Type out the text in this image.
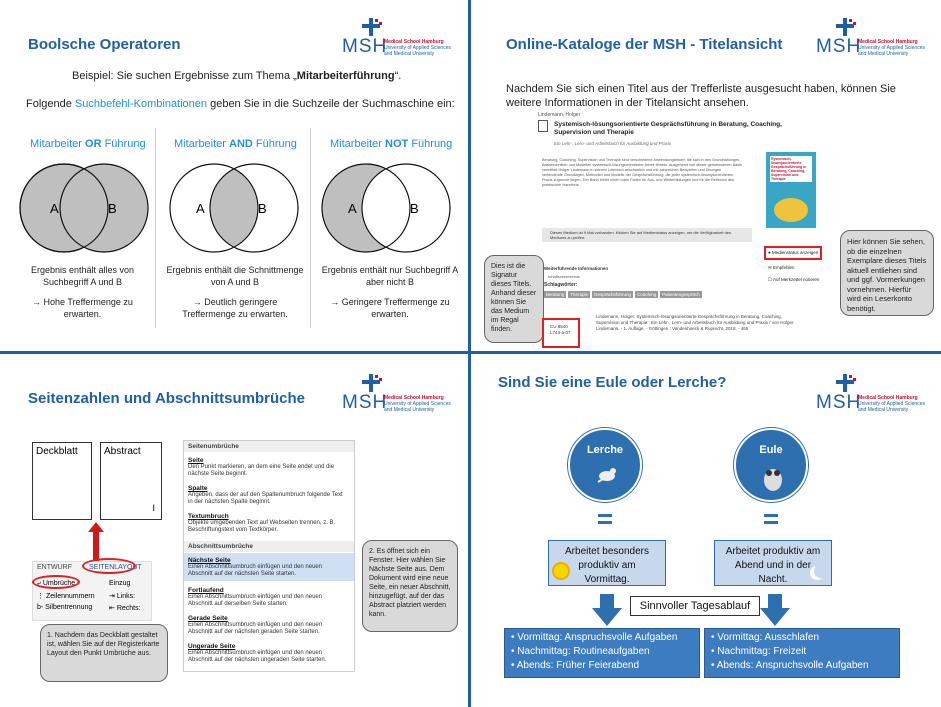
Boolsche Operatoren	MSH
Medical School Hamburg
University of Applied Sciences
and Medical University
Beispiel: Sie suchen Ergebnisse zum Thema „Mitarbeiterführung“.
Folgende Suchbefehl-Kombinationen geben Sie in die Suchzeile der Suchmaschine ein:
Mitarbeiter OR Führung
A	B
Ergebnis enthält alles von
Suchbegriff A und B
→ Hohe Treffermenge zu
erwarten.
Mitarbeiter AND Führung
A	B
Ergebnis enthält die Schnittmenge
von A und B
→ Deutlich geringere
Treffermenge zu erwarten.
Mitarbeiter NOT Führung
A	B
Ergebnis enthält nur Suchbegriff A
aber nicht B
→ Geringere Treffermenge zu
erwarten.
Online-Kataloge der MSH - Titelansicht MSH
Medical School Hamburg
University of Applied Sciences
and Medical University
Nachdem Sie sich einen Titel aus der Trefferliste ausgesucht haben, können Sie
weitere Informationen in der Titelansicht ansehen.
Lindemann, Holger
Systemisch-lösungsorientierte Gesprächsführung in Beratung, Coaching, Supervision und Therapie
Ein Lehr-, Lern- und Arbeitsbuch für Ausbildung und Praxis
Beratung, Coaching, Supervision und Therapie sind verschiedene Anwendungsfelder, die sich in den Grundhaltungen, Basistechniken und Modellen systemisch-lösungsorientierter Arbeit ähneln. Ausgehend von dieser gemeinsamen Basis vermittelt Holger Lindemann in seinem Lehrbuch anschaulich und mit zahlreichen Beispielen und Übungen verbindende Grundlagen, Methoden und Modelle der Gesprächsführung, die jeder systemisch-lösungsorientierten Praxis zugrunde liegen. Der Band bietet einen roten Faden für Aus- und Weiterbildungen und für die Reflexion des praktischen Handelns.
Dieses Medium ist 9 Mal vorhanden. Klicken Sie auf Medienstatus anzeigen, um die Verfügbarkeit des Mediums zu prüfen.
Weiterführende Informationen
Inhaltsverzeichnis
Schlagwörter:
Beratung	Therapie	Gesprächsführung	Coaching	Patientengespräch
CU 8540 L743-a-07
Lindemann, Holger: Systemisch-lösungsorientierte Gesprächsführung in Beratung, Coaching, Supervision und Therapie : Ein Lehr-, Lern- und Arbeitsbuch für Ausbildung und Praxis / von Holger Lindemann. - 1. Auflage. - Göttingen : Vandenhoeck & Ruprecht, 2018. - 465
Systemisch-lösungsorientierte Gesprächsführung in Beratung, Coaching, Supervision und Therapie
● Medienstatus anzeigen
✉ Empfehlen
☐ Auf Merkzettel notieren
Dies ist die Signatur dieses Titels. Anhand dieser können Sie das Medium im Regal finden.
Hier können Sie sehen, ob die einzelnen Exemplare dieses Titels aktuell entliehen sind und ggf. Vormerkungen vornehmen. Hierfür wird ein Leserkonto benötigt.
Seitenzahlen und Abschnittsumbrüche MSH
Medical School Hamburg
University of Applied Sciences
and Medical University
Deckblatt	Abstract
I
ENTWURF SEITENLAYOUT
⤶ Umbrüche ▾
⋮ Zeilennummern
b- Silbentrennung
Einzug
⇥ Links:
⇤ Rechts:
1. Nachdem das Deckblatt gestaltet ist, wählen Sie auf der Registerkarte Layout den Punkt Umbrüche aus.
Seitenumbrüche
Seite
Den Punkt markieren, an dem eine Seite endet und die nächste Seite beginnt.
Spalte
Angeben, dass der auf den Spaltenumbruch folgende Text in der nächsten Spalte beginnt.
Textumbruch
Objekte umgebenden Text auf Webseiten trennen, z. B. Beschriftungstext vom Textkörper.
Abschnittsumbrüche
Nächste Seite
Einen Abschnittsumbruch einfügen und den neuen Abschnitt auf der nächsten Seite starten.
Fortlaufend
Einen Abschnittsumbruch einfügen und den neuen Abschnitt auf derselben Seite starten.
Gerade Seite
Einen Abschnittsumbruch einfügen und den neuen Abschnitt auf der nächsten geraden Seite starten.
Ungerade Seite
Einen Abschnittsumbruch einfügen und den neuen Abschnitt auf der nächsten ungeraden Seite starten.
2. Es öffnet sich ein Fenster. Hier wählen Sie Nächste Seite aus. Dem Dokument wird eine neue Seite, ein neuer Abschnitt, hinzugefügt, auf der das Abstract platziert werden kann.
Sind Sie eine Eule oder Lerche?
MSH
Medical School Hamburg
University of Applied Sciences
and Medical University
Lerche	Eule
Arbeitet besonders produktiv am Vormittag.
Arbeitet produktiv am Abend und in der Nacht.
Sinnvoller Tagesablauf
• Vormittag: Anspruchsvolle Aufgaben
• Nachmittag: Routineaufgaben
• Abends: Früher Feierabend
• Vormittag: Ausschlafen
• Nachmittag: Freizeit
• Abends: Anspruchsvolle Aufgaben
